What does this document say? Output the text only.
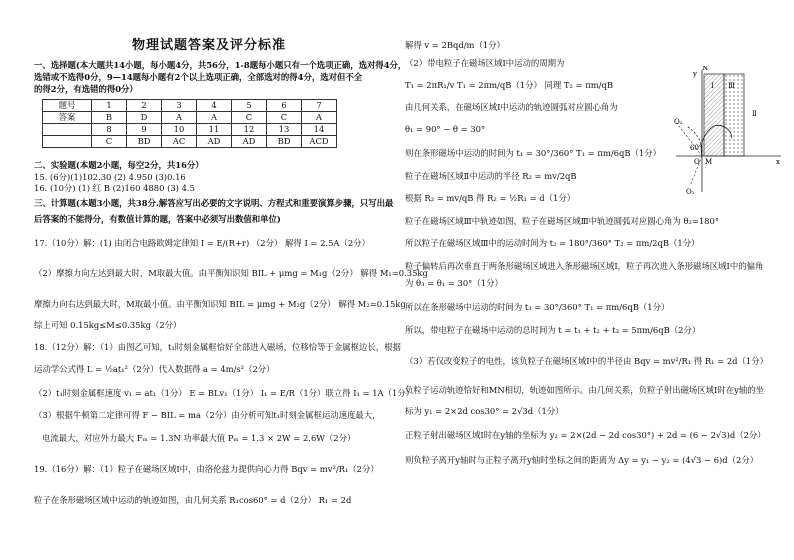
物理试题答案及评分标准
一、选择题(本大题共14小题，每小题4分，共56分，1-8题每小题只有一个选项正确，选对得4分，
选错或不选得0分，9—14题每小题有2个以上选项正确，全部选对的得4分，选对但不全
的得2分，有选错的得0分）
题号	1	2	3	4	5	6	7
答案	B	D	A	A	C	C	A
	8	9	10	11	12	13	14
	C	BD	AC	AD	AD	BD	ACD
二、实验题(本题2小题，每空2分，共16分）
15. (6分)(1)102.30 (2) 4.950 (3)0.16
16. (10分) (1) 红 B (2)160 4880 (3) 4.5
三、计算题(本题3小题，共38分.解答应写出必要的文字说明、方程式和重要演算步骤，只写出最
后答案的不能得分，有数值计算的题，答案中必须写出数值和单位)
17.（10分）解：(1) 由闭合电路欧姆定律知 I = E/(R+r) （2分） 解得 I = 2.5A（2分）
（2）摩擦力向左达到最大时，M取最大值。由平衡知识知 BIL + μmg = M₁g（2分） 解得 M₁=0.35kg
摩擦力向右达到最大时，M取最小值。由平衡知识知 BIL = μmg + M₂g（2分） 解得 M₂=0.15kg
综上可知 0.15kg≤M≤0.35kg（2分）
18.（12分）解：（1）由图乙可知，t₁时刻金属框恰好全部进入磁场，位移恰等于金属框边长，根据
运动学公式得 L = ½at₁²（2分）代入数据得 a = 4m/s²（2分）
（2）t₁时刻金属框速度 v₁ = at₁（1分） E = BLv₁（1分） I₁ = E/R（1分）联立得 I₁ = 1A（1分）
（3）根据牛顿第二定律可得 F − BIL = ma（2分）由分析可知t₁时刻金属框运动速度最大，
电流最大，对应外力最大 Fₘ = 1.3N 功率最大值 Pₘ = 1.3 × 2W = 2.6W（2分）
19.（16分）解：（1）粒子在磁场区域Ⅰ中，由洛伦兹力提供向心力得 Bqv = mv²/R₁（2分）
粒子在条形磁场区域中运动的轨迹如图，由几何关系 R₁cos60° = d（2分） R₁ = 2d
解得 v = 2Bqd/m（1分）
（2）带电粒子在磁场区域Ⅰ中运动的周期为
T₁ = 2πR₁/v T₁ = 2πm/qB（1分） 同理 T₂ = πm/qB
由几何关系，在磁场区域Ⅰ中运动的轨迹圆弧对应圆心角为
θ₁ = 90° − θ = 30°
则在条形磁场中运动的时间为 t₁ = 30°/360° T₁ = πm/6qB（1分）
粒子在磁场区域Ⅱ中运动的半径 R₂ = mv/2qB
根据 R₂ = mv/qB 得 R₂ = ½R₁ = d（1分）
粒子在磁场区域Ⅲ中轨迹如图，粒子在磁场区域Ⅲ中轨迹圆弧对应圆心角为 θ₂=180°
所以粒子在磁场区域Ⅲ中的运动时间为 t₂ = 180°/360° T₂ = πm/2qB（1分）
粒子偏转后再次垂直于两条形磁场区域进入条形磁场区域Ⅰ，粒子再次进入条形磁场区域Ⅰ中的偏角
为 θ₃ = θ₁ = 30°（1分）
所以在条形磁场中运动的时间为 t₃ = 30°/360° T₁ = πm/6qB（1分）
所以，带电粒子在磁场中运动的总时间为 t = t₁ + t₂ + t₃ = 5πm/6qB（2分）
（3）若仅改变粒子的电性，该负粒子在磁场区域Ⅰ中的半径由 Bqv = mv²/R₁ 得 R₁ = 2d（1分）
负粒子运动轨迹恰好和MN相切，轨迹如图所示。由几何关系，负粒子射出磁场区域Ⅰ时在y轴的坐
标为 y₁ = 2×2d cos30° = 2√3d（1分）
正粒子射出磁场区域Ⅰ时在y轴的坐标为 y₂ = 2×(2d − 2d cos30°) + 2d = (6 − 2√3)d（2分）
则负粒子离开y轴时与正粒子离开y轴时坐标之间的距离为 Δy = y₁ − y₂ = (4√3 − 6)d（2分）
N
y
Ⅰ Ⅲ
O₂
60°
O M	x
Ⅱ
O₁
